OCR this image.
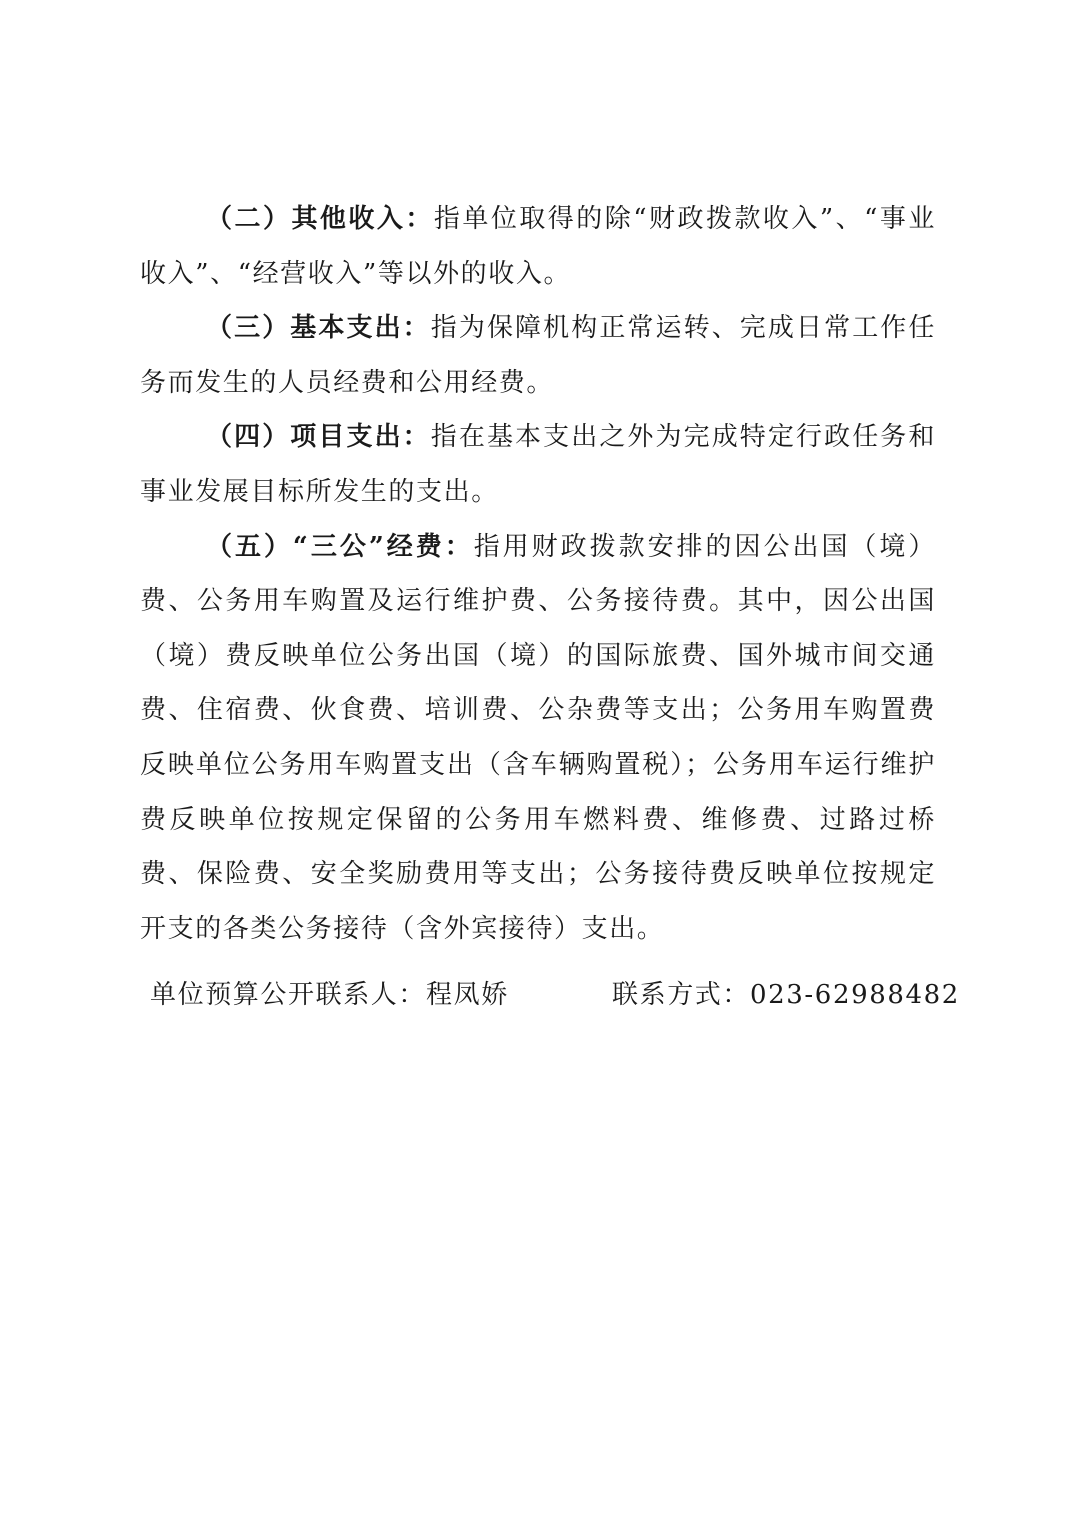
（二）其他收入：指单位取得的除“财政拨款收入”、“事业收入”、“经营收入”等以外的收入。

（三）基本支出：指为保障机构正常运转、完成日常工作任务而发生的人员经费和公用经费。

（四）项目支出：指在基本支出之外为完成特定行政任务和事业发展目标所发生的支出。

（五）“三公”经费：指用财政拨款安排的因公出国（境）费、公务用车购置及运行维护费、公务接待费。其中，因公出国（境）费反映单位公务出国（境）的国际旅费、国外城市间交通费、住宿费、伙食费、培训费、公杂费等支出；公务用车购置费反映单位公务用车购置支出（含车辆购置税）；公务用车运行维护费反映单位按规定保留的公务用车燃料费、维修费、过路过桥费、保险费、安全奖励费用等支出；公务接待费反映单位按规定开支的各类公务接待（含外宾接待）支出。

单位预算公开联系人：程凤娇	联系方式：023-62988482
